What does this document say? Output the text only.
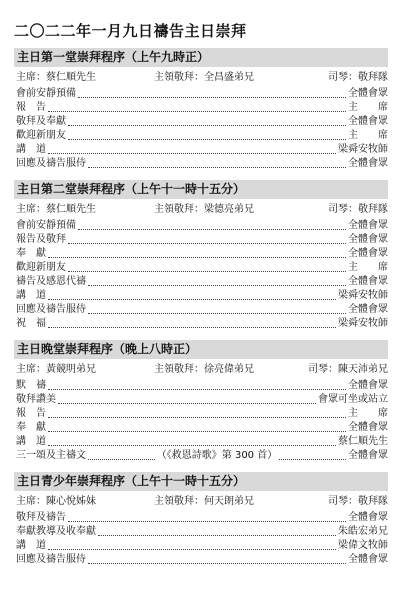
二〇二二年一月九日禱告主日崇拜
主日第一堂崇拜程序（上午九時正）
主席：蔡仁順先生	主領敬拜：全昌盛弟兄	司琴：敬拜隊
會前安靜預備	全體會眾
報　告	主　　席
敬拜及奉獻	全體會眾
歡迎新朋友	主　　席
講　道	梁舜安牧師
回應及禱告服侍	全體會眾
主日第二堂崇拜程序（上午十一時十五分）
主席：蔡仁順先生	主領敬拜：梁德亮弟兄	司琴：敬拜隊
會前安靜預備	全體會眾
報告及敬拜	全體會眾
奉　獻	全體會眾
歡迎新朋友	主　　席
禱告及感恩代禱	全體會眾
講　道	梁舜安牧師
回應及禱告服侍	全體會眾
祝　福	梁舜安牧師
主日晚堂崇拜程序（晚上八時正）
主席：黃競明弟兄	主領敬拜：徐亮偉弟兄	司琴：陳天沛弟兄
默　禱	全體會眾
敬拜讚美	會眾可坐或站立
報　告	主　　席
奉　獻	全體會眾
講　道	蔡仁順先生
三一頌及主禱文	（《救恩詩歌》第 300 首）	全體會眾
主日青少年崇拜程序（上午十一時十五分）
主席：陳心悅姊妹	主領敬拜：何天朗弟兄	司琴：敬拜隊
敬拜及禱告	全體會眾
奉獻教導及收奉獻	朱皓宏弟兄
講　道	梁偉文牧師
回應及禱告服侍	全體會眾
